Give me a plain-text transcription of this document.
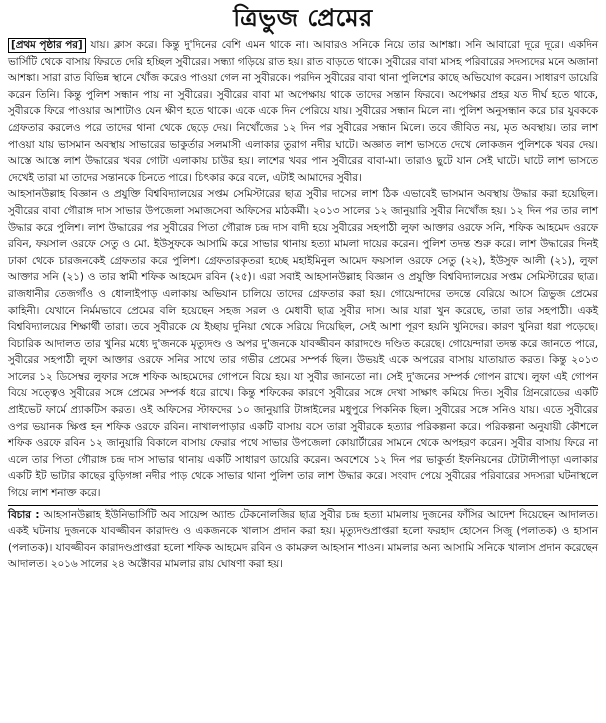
ত্রিভুজ প্রেমের

[প্রথম পৃষ্ঠার পর] যায়। ক্লাস করে। কিন্তু দু'দিনের বেশি এমন থাকে না। আবারও সনিকে নিয়ে তার আশঙ্কা। সনি আবারো দূরে দূরে। একদিন ভার্সিটি থেকে বাসায় ফিরতে দেরি হচ্ছিল সুবীরের। সন্ধ্যা গড়িয়ে রাত হয়। রাত বাড়তে থাকে। সুবীরের বাবা মাসহ পরিবারের সদস্যদের মনে অজানা আশঙ্কা। সারা রাত বিভিন্ন স্থানে খোঁজ করেও পাওয়া গেল না সুবীরকে। পরদিন সুবীরের বাবা থানা পুলিশের কাছে অভিযোগ করেন। সাধারণ ডায়েরি করেন তিনি। কিন্তু পুলিশ সন্ধান পায় না সুবীরের। সুবীরের বাবা মা অপেক্ষায় থাকে তাদের সন্তান ফিরবে। অপেক্ষার প্রহর যত দীর্ঘ হতে থাকে, সুবীরকে ফিরে পাওয়ার আশাটাও যেন ক্ষীণ হতে থাকে। একে একে দিন পেরিয়ে যায়। সুবীরের সন্ধান মিলে না। পুলিশ অনুসন্ধান করে চার যুবককে গ্রেফতার করলেও পরে তাদের থানা থেকে ছেড়ে দেয়। নিখোঁজের ১২ দিন পর সুবীরের সন্ধান মিলে। তবে জীবিত নয়, মৃত অবস্থায়। তার লাশ পাওয়া যায় ভাসমান অবস্থায় সাভারের ভাকুর্তার সলমাসী এলাকার তুরাগ নদীর ঘাটে। অজ্ঞাত লাশ ভাসতে দেখে লোকজন পুলিশকে খবর দেয়। আস্তে আস্তে লাশ উদ্ধারের খবর গোটা এলাকায় চাউর হয়। লাশের খবর পান সুবীরের বাবা-মা। তারাও ছুটে যান সেই ঘাটে। ঘাটে লাশ ভাসতে দেখেই তারা মা তাদের সন্তানকে চিনতে পারে। চিৎকার করে বলে, এটাই আমাদের সুবীর।

আহসানউল্লাহ বিজ্ঞান ও প্রযুক্তি বিশ্ববিদ্যালয়ের সপ্তম সেমিস্টারের ছাত্র সুবীর দাসের লাশ ঠিক এভাবেই ভাসমান অবস্থায় উদ্ধার করা হয়েছিল। সুবীরের বাবা গৌরাঙ্গ দাস সাভার উপজেলা সমাজসেবা অফিসের মাঠকর্মী। ২০১৩ সালের ১২ জানুয়ারি সুবীর নিখোঁজ হয়। ১২ দিন পর তার লাশ উদ্ধার করে পুলিশ। লাশ উদ্ধারের পর সুবীরের পিতা গৌরাঙ্গ চন্দ্র দাস বাদী হয়ে সুবীরের সহপাঠী লুফা আক্তার ওরফে সনি, শফিক আহমেদ ওরফে রবিন, ফয়সাল ওরফে সেতু ও মো. ইউসুফকে আসামি করে সাভার থানায় হত্যা মামলা দায়ের করেন। পুলিশ তদন্ত শুরু করে। লাশ উদ্ধারের দিনই ঢাকা থেকে চারজনকেই গ্রেফতার করে পুলিশ। গ্রেফতারকৃতরা হচ্ছে মহাইমিনুল আমেদ ফয়সাল ওরফে সেতু (২২), ইউসুফ আলী (২১), লুফা আক্তার সনি (২১) ও তার স্বামী শফিক আহমেদ রবিন (২৫)। এরা সবাই আহসানউল্লাহ বিজ্ঞান ও প্রযুক্তি বিশ্ববিদ্যালয়ের সপ্তম সেমিস্টারের ছাত্র। রাজধানীর তেজগাঁও ও ধোলাইপাড় এলাকায় অভিযান চালিয়ে তাদের গ্রেফতার করা হয়। গোয়েন্দাদের তদন্তে বেরিয়ে আসে ত্রিভুজ প্রেমের কাহিনী। যেখানে নির্মমভাবে প্রেমের বলি হয়েছেন সহজ সরল ও মেধাবী ছাত্র সুবীর দাস। আর যারা খুন করেছে, তারা তার সহপাঠী। একই বিশ্ববিদ্যালয়ের শিক্ষার্থী তারা। তবে সুবীরকে যে ইচ্ছায় দুনিয়া থেকে সরিয়ে দিয়েছিল, সেই আশা পূরণ হয়নি খুনিদের। কারণ খুনিরা ধরা পড়েছে। বিচারিক আদালত তার খুনির মধ্যে দু'জনকে মৃত্যুদণ্ড ও অপর দু'জনকে যাবজ্জীবন কারাদণ্ডে দণ্ডিত করেছে। গোয়েন্দারা তদন্ত করে জানতে পারে, সুবীরের সহপাঠী লুফা আক্তার ওরফে সনির সাথে তার গভীর প্রেমের সম্পর্ক ছিল। উভয়ই একে অপরের বাসায় যাতায়াত করত। কিন্তু ২০১৩ সালের ১২ ডিসেম্বর লুফার সঙ্গে শফিক আহমেদের গোপনে বিয়ে হয়। যা সুবীর জানতো না। সেই দু'জনের সম্পর্ক গোপন রাখে। লুফা এই গোপন বিয়ে সত্ত্বেও সুবীরের সঙ্গে প্রেমের সম্পর্ক ধরে রাখে। কিন্তু শফিকের কারণে সুবীরের সঙ্গে দেখা সাক্ষাৎ কমিয়ে দিত। সুবীর গ্রিনরোডের একটি প্রাইভেট ফার্মে প্র্যাকটিস করত। ওই অফিসের স্টাফদের ১০ জানুয়ারি টাঙ্গাইলের মধুপুরে পিকনিক ছিল। সুবীরের সঙ্গে সনিও যায়। এতে সুবীরের ওপর ভয়ানক ক্ষিপ্ত হন শফিক ওরফে রবিন। নাখালপাড়ার একটি বাসায় বসে তারা সুবীরকে হত্যার পরিকল্পনা করে। পরিকল্পনা অনুযায়ী কৌশলে শফিক ওরফে রবিন ১২ জানুয়ারি বিকালে বাসায় ফেরার পথে সাভার উপজেলা কোয়ার্টারের সামনে থেকে অপহরণ করেন। সুবীর বাসায় ফিরে না এলে তার পিতা গৌরাঙ্গ চন্দ্র দাস সাভার থানায় একটি সাধারণ ডায়েরি করেন। অবশেষে ১২ দিন পর ভাকুর্তা ইফনিয়নের টোটালীপাড়া এলাকার একটি ইট ভাটার কাছের বুড়িগঙ্গা নদীর পাড় থেকে সাভার থানা পুলিশ তার লাশ উদ্ধার করে। সংবাদ পেয়ে সুবীরের পরিবারের সদস্যরা ঘটনাস্থলে গিয়ে লাশ শনাক্ত করে।

বিচার : আহসানউল্লাহ ইউনিভার্সিটি অব সায়েন্স অ্যান্ড টেকনোলজির ছাত্র সুবীর চন্দ্র হত্যা মামলায় দুজনের ফাঁসির আদেশ দিয়েছেন আদালত। একই ঘটনায় দুজনকে যাবজ্জীবন কারাদণ্ড ও একজনকে খালাস প্রদান করা হয়। মৃত্যুদণ্ডপ্রাপ্তরা হলো ফরহাদ হোসেন সিজু (পলাতক) ও হাসান (পলাতক)। যাবজ্জীবন কারাদণ্ডপ্রাপ্তরা হলো শফিক আহমেদ রবিন ও কামরুল আহসান শাওন। মামলার অন্য আসামি সনিকে খালাস প্রদান করেছেন আদালত। ২০১৬ সালের ২৪ অক্টোবর মামলার রায় ঘোষণা করা হয়।
